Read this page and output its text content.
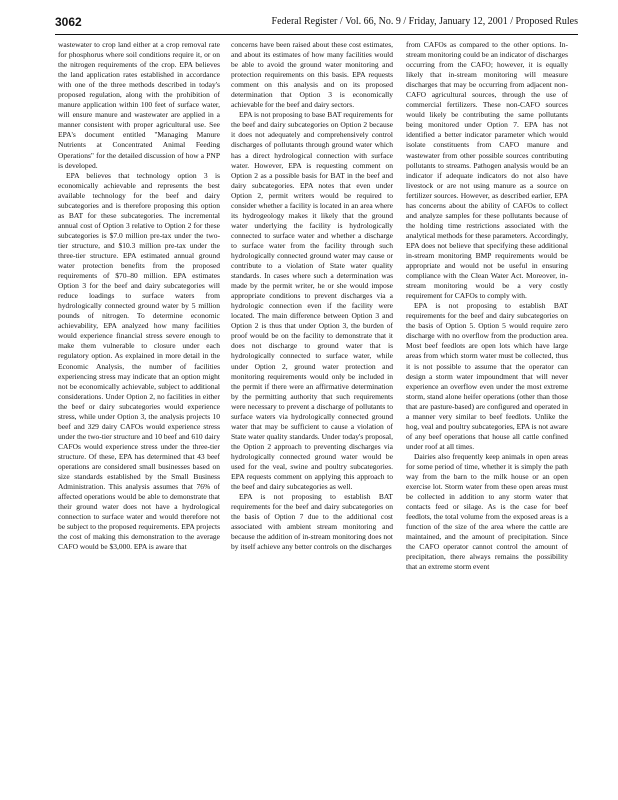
3062	Federal Register / Vol. 66, No. 9 / Friday, January 12, 2001 / Proposed Rules

wastewater to crop land either at a crop removal rate for phosphorus where soil conditions require it, or on the nitrogen requirements of the crop. EPA believes the land application rates established in accordance with one of the three methods described in today's proposed regulation, along with the prohibition of manure application within 100 feet of surface water, will ensure manure and wastewater are applied in a manner consistent with proper agricultural use. See EPA's document entitled "Managing Manure Nutrients at Concentrated Animal Feeding Operations" for the detailed discussion of how a PNP is developed.

EPA believes that technology option 3 is economically achievable and represents the best available technology for the beef and dairy subcategories and is therefore proposing this option as BAT for these subcategories. The incremental annual cost of Option 3 relative to Option 2 for these subcategories is $7.0 million pre-tax under the two-tier structure, and $10.3 million pre-tax under the three-tier structure. EPA estimated annual ground water protection benefits from the proposed requirements of $70–80 million. EPA estimates Option 3 for the beef and dairy subcategories will reduce loadings to surface waters from hydrologically connected ground water by 5 million pounds of nitrogen. To determine economic achievability, EPA analyzed how many facilities would experience financial stress severe enough to make them vulnerable to closure under each regulatory option. As explained in more detail in the Economic Analysis, the number of facilities experiencing stress may indicate that an option might not be economically achievable, subject to additional considerations. Under Option 2, no facilities in either the beef or dairy subcategories would experience stress, while under Option 3, the analysis projects 10 beef and 329 dairy CAFOs would experience stress under the two-tier structure and 10 beef and 610 dairy CAFOs would experience stress under the three-tier structure. Of these, EPA has determined that 43 beef operations are considered small businesses based on size standards established by the Small Business Administration. This analysis assumes that 76% of affected operations would be able to demonstrate that their ground water does not have a hydrological connection to surface water and would therefore not be subject to the proposed requirements. EPA projects the cost of making this demonstration to the average CAFO would be $3,000. EPA is aware that

concerns have been raised about these cost estimates, and about its estimates of how many facilities would be able to avoid the ground water monitoring and protection requirements on this basis. EPA requests comment on this analysis and on its proposed determination that Option 3 is economically achievable for the beef and dairy sectors.

EPA is not proposing to base BAT requirements for the beef and dairy subcategories on Option 2 because it does not adequately and comprehensively control discharges of pollutants through ground water which has a direct hydrological connection with surface water. However, EPA is requesting comment on Option 2 as a possible basis for BAT in the beef and dairy subcategories. EPA notes that even under Option 2, permit writers would be required to consider whether a facility is located in an area where its hydrogeology makes it likely that the ground water underlying the facility is hydrologically connected to surface water and whether a discharge to surface water from the facility through such hydrologically connected ground water may cause or contribute to a violation of State water quality standards. In cases where such a determination was made by the permit writer, he or she would impose appropriate conditions to prevent discharges via a hydrologic connection even if the facility were located. The main difference between Option 3 and Option 2 is thus that under Option 3, the burden of proof would be on the facility to demonstrate that it does not discharge to ground water that is hydrologically connected to surface water, while under Option 2, ground water protection and monitoring requirements would only be included in the permit if there were an affirmative determination by the permitting authority that such requirements were necessary to prevent a discharge of pollutants to surface waters via hydrologically connected ground water that may be sufficient to cause a violation of State water quality standards. Under today's proposal, the Option 2 approach to preventing discharges via hydrologically connected ground water would be used for the veal, swine and poultry subcategories. EPA requests comment on applying this approach to the beef and dairy subcategories as well.

EPA is not proposing to establish BAT requirements for the beef and dairy subcategories on the basis of Option 7 due to the additional cost associated with ambient stream monitoring and because the addition of in-stream monitoring does not by itself achieve any better controls on the discharges

from CAFOs as compared to the other options. In-stream monitoring could be an indicator of discharges occurring from the CAFO; however, it is equally likely that in-stream monitoring will measure discharges that may be occurring from adjacent non-CAFO agricultural sources, through the use of commercial fertilizers. These non-CAFO sources would likely be contributing the same pollutants being monitored under Option 7. EPA has not identified a better indicator parameter which would isolate constituents from CAFO manure and wastewater from other possible sources contributing pollutants to streams. Pathogen analysis would be an indicator if adequate indicators do not also have livestock or are not using manure as a source on fertilizer sources. However, as described earlier, EPA has concerns about the ability of CAFOs to collect and analyze samples for these pollutants because of the holding time restrictions associated with the analytical methods for these parameters. Accordingly, EPA does not believe that specifying these additional in-stream monitoring BMP requirements would be appropriate and would not be useful in ensuring compliance with the Clean Water Act. Moreover, in-stream monitoring would be a very costly requirement for CAFOs to comply with.

EPA is not proposing to establish BAT requirements for the beef and dairy subcategories on the basis of Option 5. Option 5 would require zero discharge with no overflow from the production area. Most beef feedlots are open lots which have large areas from which storm water must be collected, thus it is not possible to assume that the operator can design a storm water impoundment that will never experience an overflow even under the most extreme storm, stand alone heifer operations (other than those that are pasture-based) are configured and operated in a manner very similar to beef feedlots. Unlike the hog, veal and poultry subcategories, EPA is not aware of any beef operations that house all cattle confined under roof at all times.

Dairies also frequently keep animals in open areas for some period of time, whether it is simply the path way from the barn to the milk house or an open exercise lot. Storm water from these open areas must be collected in addition to any storm water that contacts feed or silage. As is the case for beef feedlots, the total volume from the exposed areas is a function of the size of the area where the cattle are maintained, and the amount of precipitation. Since the CAFO operator cannot control the amount of precipitation, there always remains the possibility that an extreme storm event
